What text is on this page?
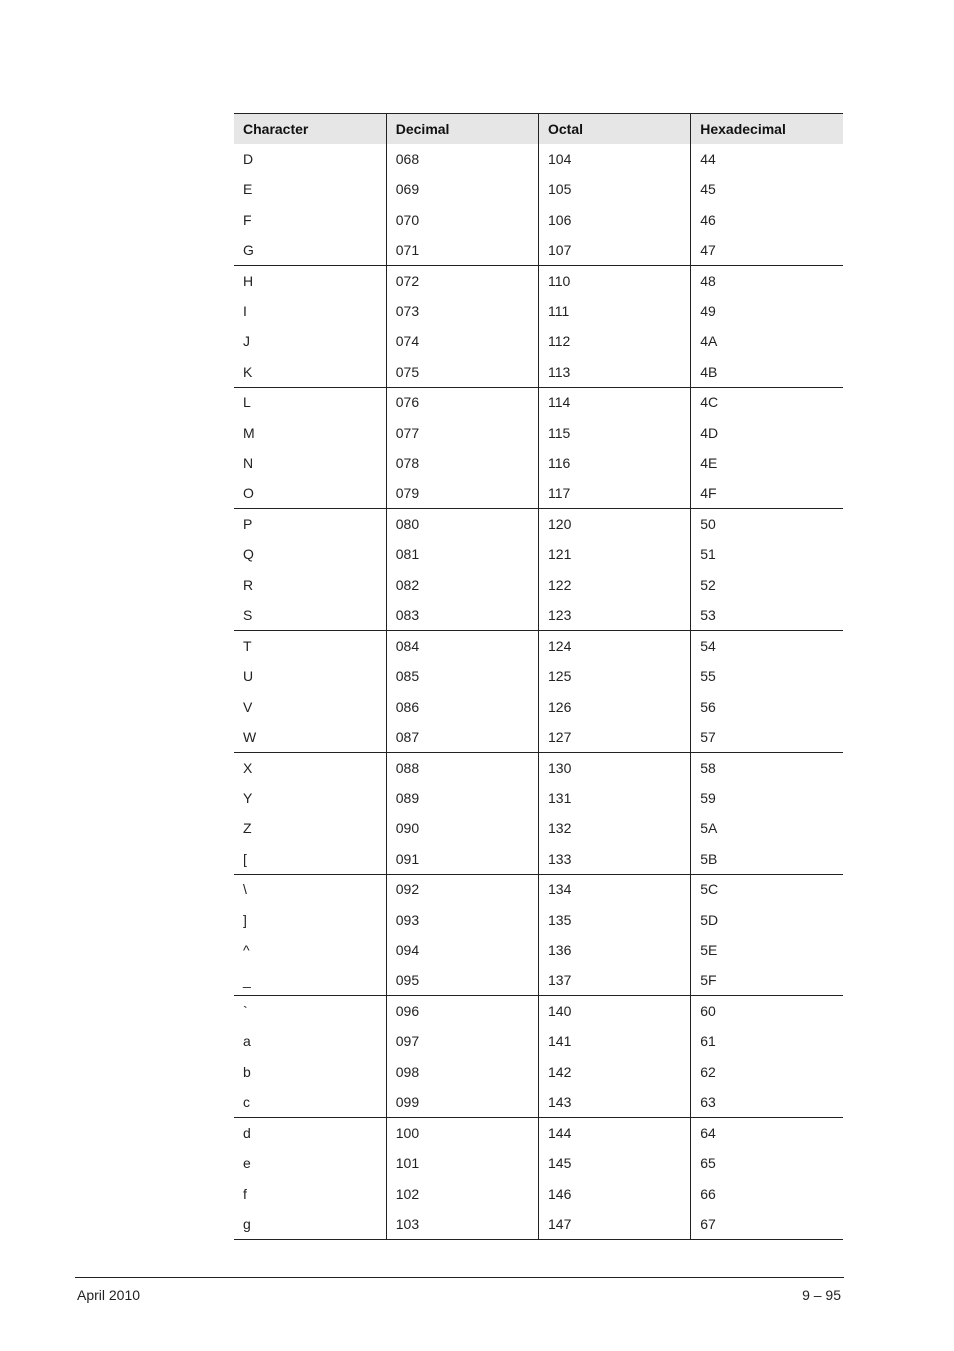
Character	Decimal	Octal	Hexadecimal
D	068	104	44
E	069	105	45
F	070	106	46
G	071	107	47
H	072	110	48
I	073	111	49
J	074	112	4A
K	075	113	4B
L	076	114	4C
M	077	115	4D
N	078	116	4E
O	079	117	4F
P	080	120	50
Q	081	121	51
R	082	122	52
S	083	123	53
T	084	124	54
U	085	125	55
V	086	126	56
W	087	127	57
X	088	130	58
Y	089	131	59
Z	090	132	5A
[	091	133	5B
\	092	134	5C
]	093	135	5D
^	094	136	5E
_	095	137	5F
`	096	140	60
a	097	141	61
b	098	142	62
c	099	143	63
d	100	144	64
e	101	145	65
f	102	146	66
g	103	147	67
April 2010	9 – 95
